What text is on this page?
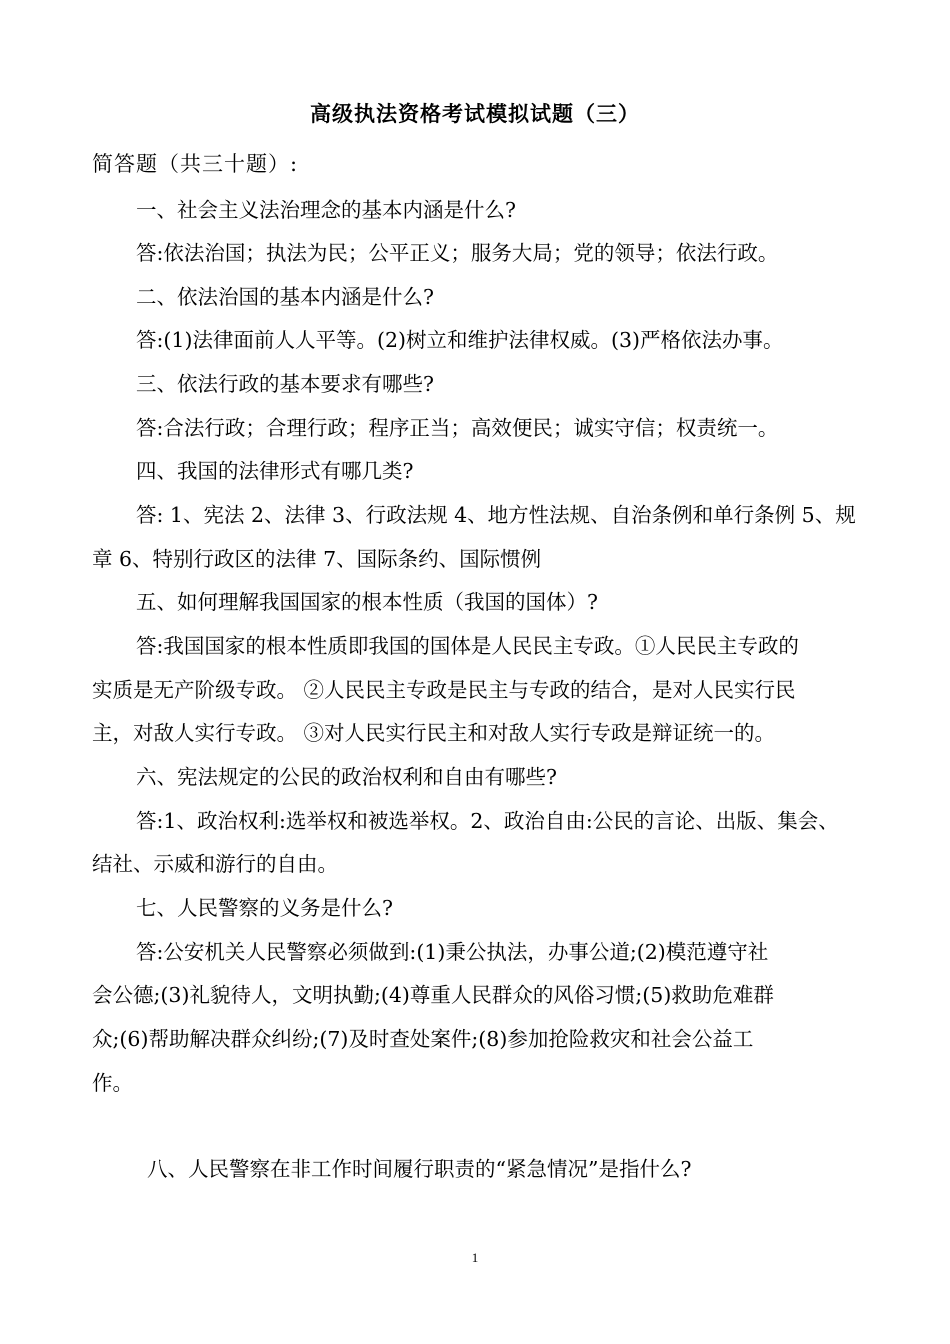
高级执法资格考试模拟试题（三）
简答题（共三十题）:
一、社会主义法治理念的基本内涵是什么?
答:依法治国；执法为民；公平正义；服务大局；党的领导；依法行政。
二、依法治国的基本内涵是什么?
答:(1)法律面前人人平等。(2)树立和维护法律权威。(3)严格依法办事。
三、依法行政的基本要求有哪些?
答:合法行政；合理行政；程序正当；高效便民；诚实守信；权责统一。
四、我国的法律形式有哪几类?
答: 1、宪法 2、法律 3、行政法规 4、地方性法规、自治条例和单行条例 5、规
章 6、特别行政区的法律 7、国际条约、国际惯例
五、如何理解我国国家的根本性质（我国的国体）?
答:我国国家的根本性质即我国的国体是人民民主专政。①人民民主专政的
实质是无产阶级专政。 ②人民民主专政是民主与专政的结合，是对人民实行民
主，对敌人实行专政。 ③对人民实行民主和对敌人实行专政是辩证统一的。
六、宪法规定的公民的政治权利和自由有哪些?
答:1、政治权利:选举权和被选举权。2、政治自由:公民的言论、出版、集会、
结社、示威和游行的自由。
七、人民警察的义务是什么?
答:公安机关人民警察必须做到:(1)秉公执法，办事公道;(2)模范遵守社
会公德;(3)礼貌待人，文明执勤;(4)尊重人民群众的风俗习惯;(5)救助危难群
众;(6)帮助解决群众纠纷;(7)及时查处案件;(8)参加抢险救灾和社会公益工
作。
八、人民警察在非工作时间履行职责的“紧急情况”是指什么?
1
